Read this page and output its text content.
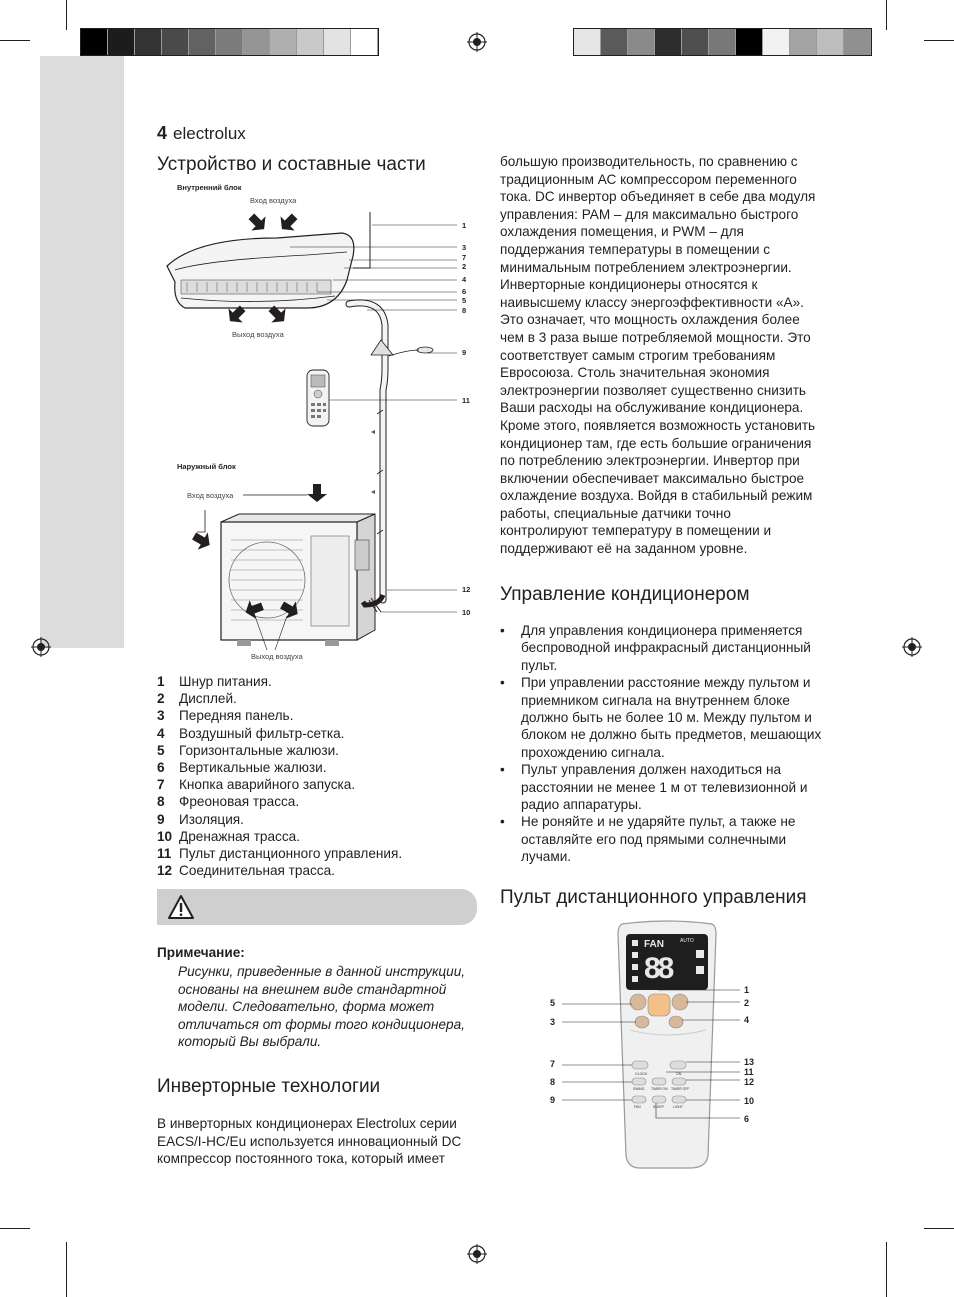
4 electrolux
Устройство и составные части
Внутренний блок
Вход воздуха
Выход воздуха
Наружный блок
Вход воздуха
Выход воздуха
1
3
7
2
4
6
5
8
9
11
12
10
1 Шнур питания.
2 Дисплей.
3 Передняя панель.
4 Воздушный фильтр-сетка.
5 Горизонтальные жалюзи.
6 Вертикальные жалюзи.
7 Кнопка аварийного запуска.
8 Фреоновая трасса.
9 Изоляция.
10 Дренажная трасса.
11 Пульт дистанционного управления.
12 Соединительная трасса.
Примечание:
Рисунки, приведенные в данной инструкции, основаны на внешнем виде стандартной модели. Следовательно, форма может отличаться от формы того кондиционера, который Вы выбрали.
Инверторные технологии
В инверторных кондиционерах Electrolux серии EACS/I-HC/Eu используется инновационный DC компрессор постоянного тока, который имеет
большую производительность, по сравнению с традиционным АС компрессором переменного тока. DC инвертор объединяет в себе два модуля управления: PAM – для максимально быстрого охлаждения помещения, и PWM – для поддержания температуры в помещении с минимальным потреблением электроэнергии. Инверторные кондиционеры относятся к наивысшему классу энергоэффективности «А». Это означает, что мощность охлаждения более чем в 3 раза выше потребляемой мощности. Это соответствует самым строгим требованиям Евросоюза. Столь значительная экономия электроэнергии позволяет существенно снизить Ваши расходы на обслуживание кондиционера. Кроме этого, появляется возможность установить кондиционер там, где есть большие ограничения по потреблению электроэнергии. Инвертор при включении обеспечивает максимально быстрое охлаждение воздуха. Войдя в стабильный режим работы, специальные датчики точно контролируют температуру в помещении и поддерживают её на заданном уровне.
Управление кондиционером
• Для управления кондиционера применяется беспроводной инфракрасный дистанционный пульт.
• При управлении расстояние между пультом и приемником сигнала на внутреннем блоке должно быть не более 10 м. Между пультом и блоком не должно быть предметов, мешающих прохождению сигнала.
• Пульт управления должен находиться на расстоянии не менее 1 м от телевизионной и радио аппаратуры.
• Не роняйте и не ударяйте пульт, а также не оставляйте его под прямыми солнечными лучами.
Пульт дистанционного управления
FAN	AUTO
88
CLOCK	ON
SWING TIMER ON TIMER OFF
FAN	SLEEP	LIGHT
5
3
7
8
9
1
2
4
13
11
12
10
6
